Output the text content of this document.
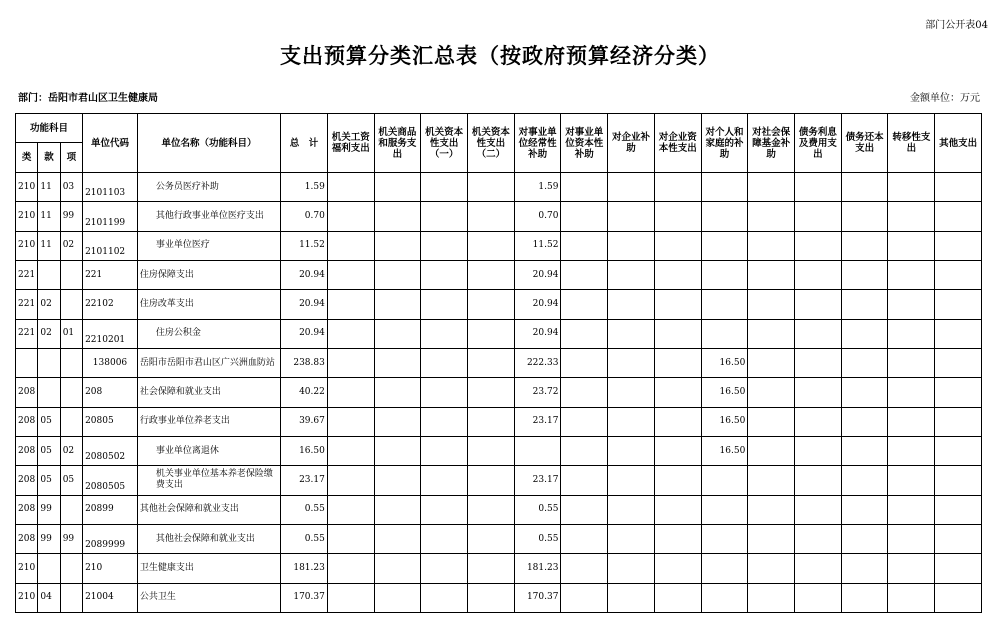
部门公开表04
支出预算分类汇总表（按政府预算经济分类）
部门：岳阳市君山区卫生健康局	金额单位：万元
功能科目			单位代码	单位名称（功能科目）	总　计	机关工资福利支出	机关商品和服务支出	机关资本性支出（一）	机关资本性支出（二）	对事业单位经常性补助	对事业单位资本性补助	对企业补助	对企业资本性支出	对个人和家庭的补助	对社会保障基金补助	债务利息及费用支出	债务还本支出	转移性支出	其他支出
类	款	项																	
210	11	03	2101103	公务员医疗补助	1.59					1.59									
210	11	99	2101199	其他行政事业单位医疗支出	0.70					0.70									
210	11	02	2101102	事业单位医疗	11.52					11.52									
221			221	住房保障支出	20.94					20.94									
221	02		22102	住房改革支出	20.94					20.94									
221	02	01	2210201	住房公积金	20.94					20.94									
			138006	岳阳市岳阳市君山区广兴洲血防站	238.83					222.33				16.50					
208			208	社会保障和就业支出	40.22					23.72				16.50					
208	05		20805	行政事业单位养老支出	39.67					23.17				16.50					
208	05	02	2080502	事业单位离退休	16.50									16.50					
208	05	05	2080505	机关事业单位基本养老保险缴费支出	23.17					23.17									
208	99		20899	其他社会保障和就业支出	0.55					0.55									
208	99	99	2089999	其他社会保障和就业支出	0.55					0.55									
210			210	卫生健康支出	181.23					181.23									
210	04		21004	公共卫生	170.37					170.37									
